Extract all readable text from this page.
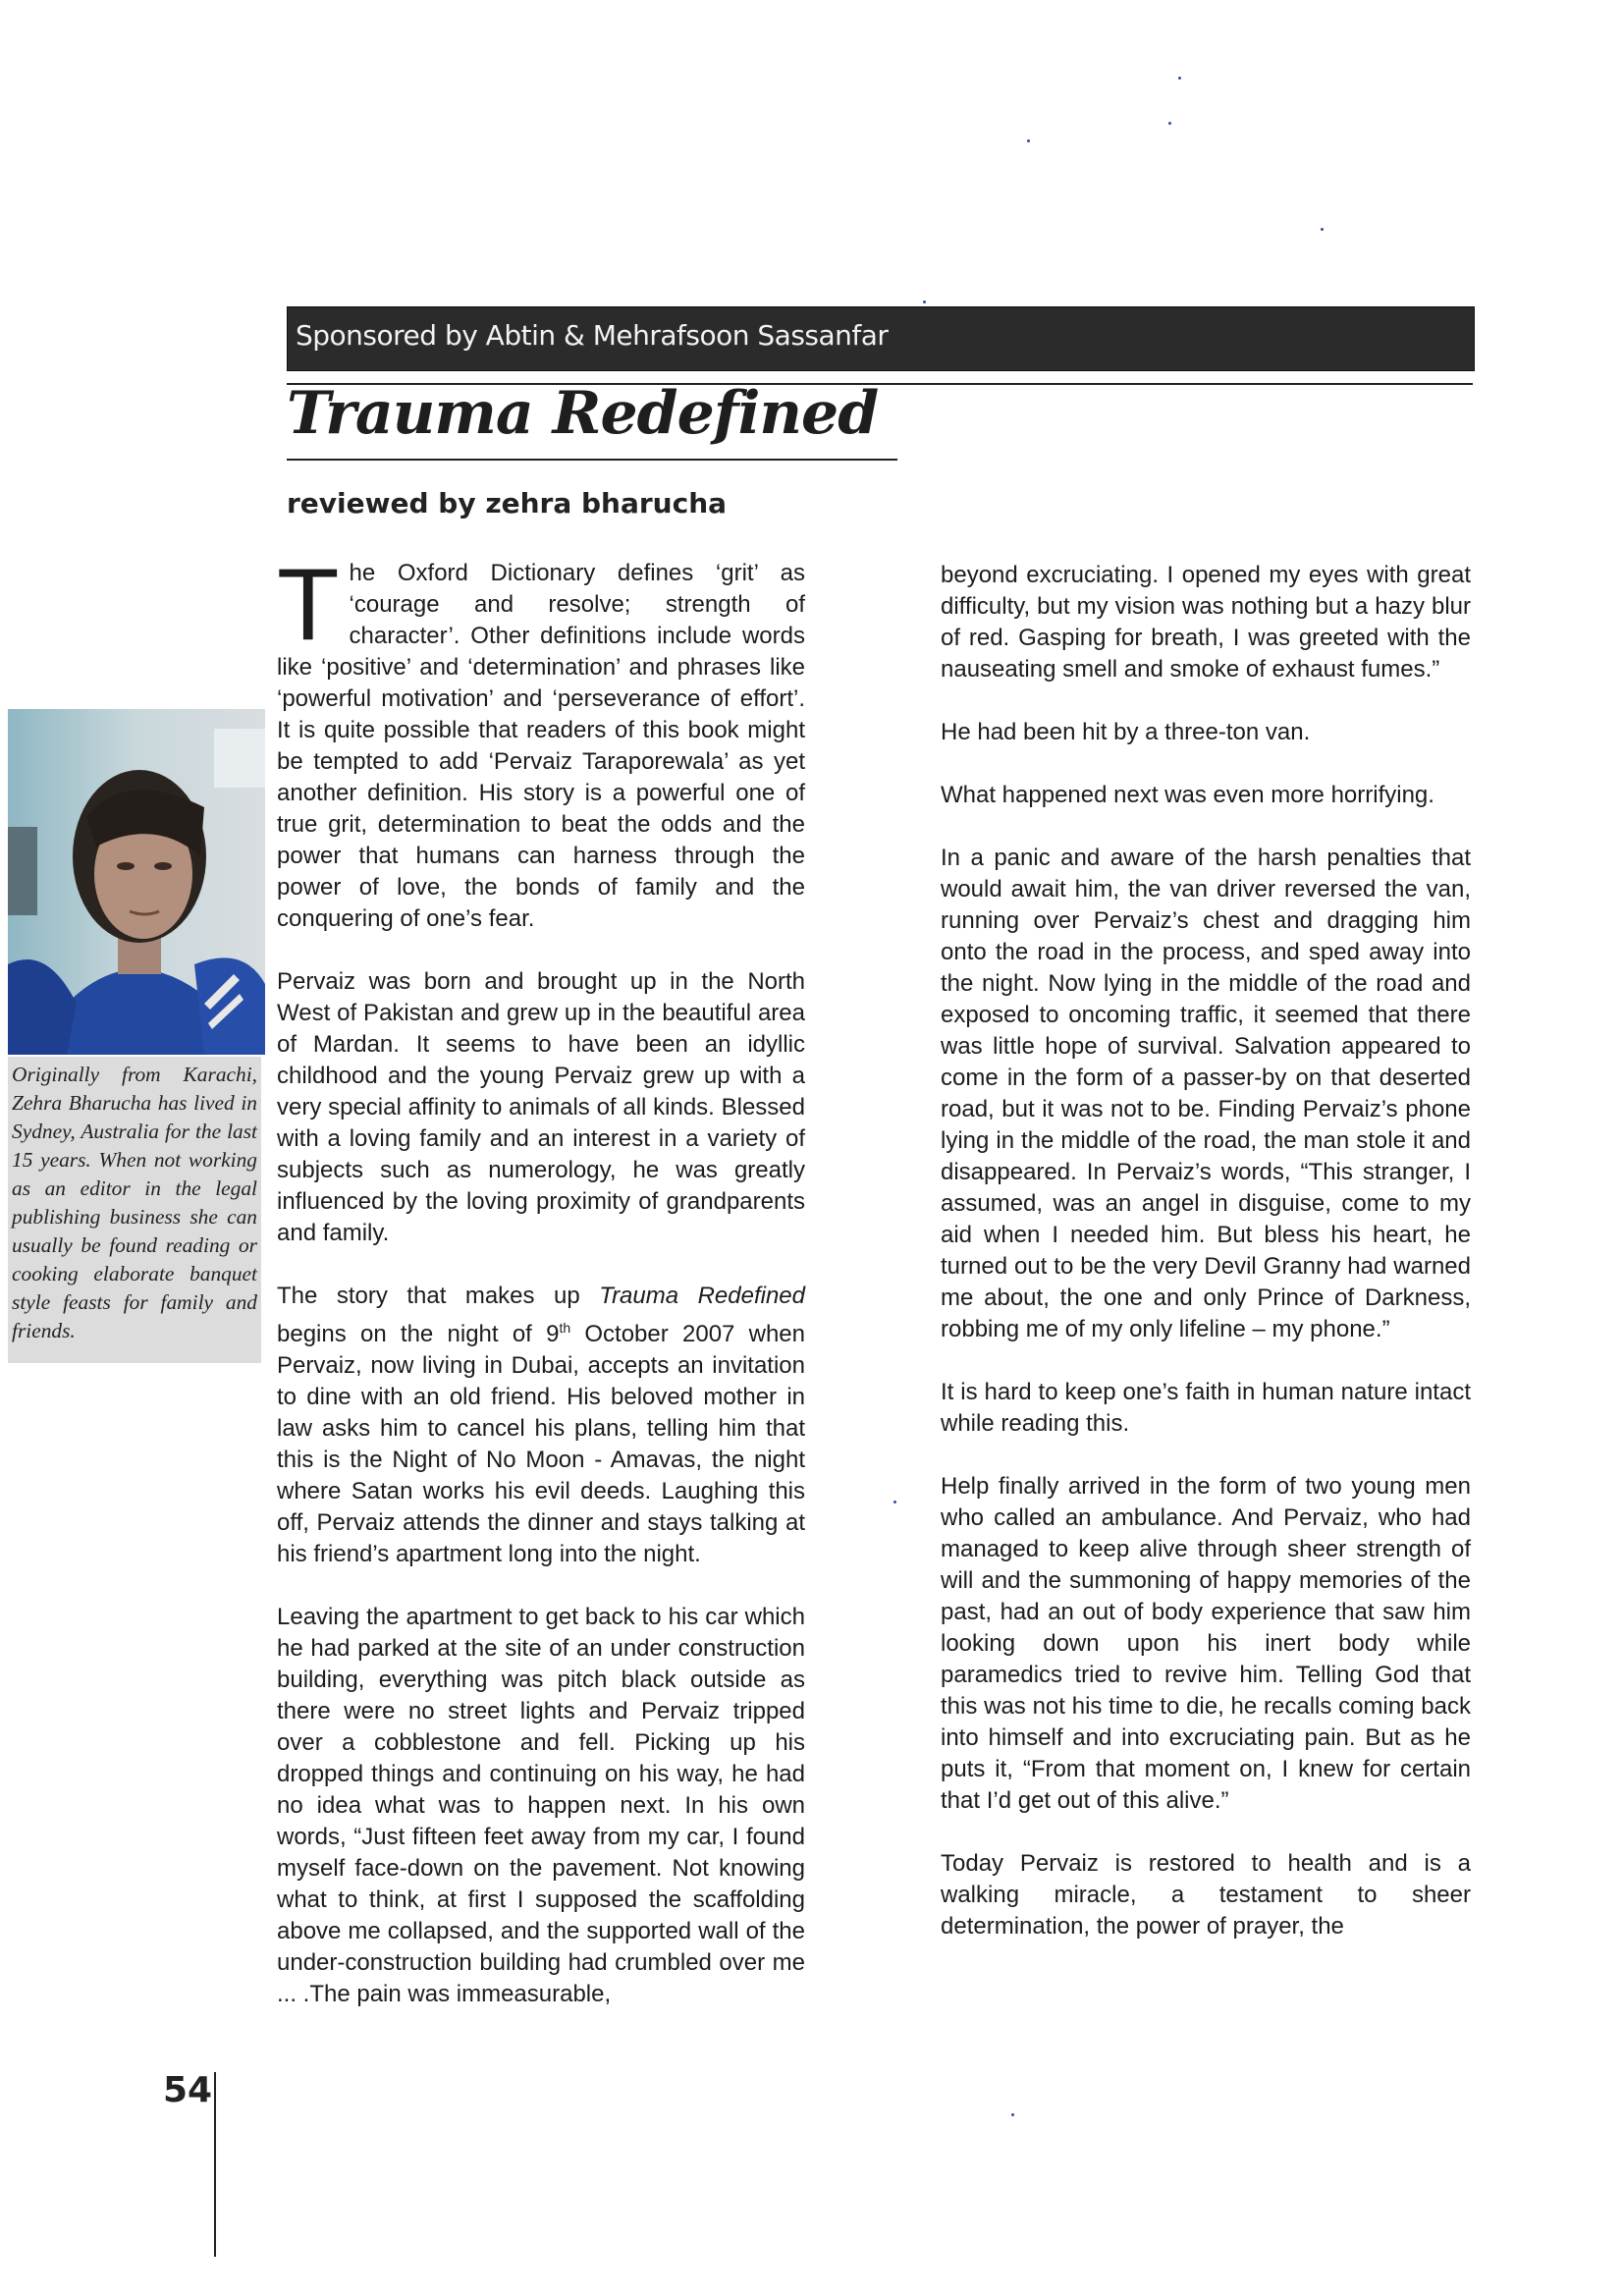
Sponsored by Abtin & Mehrafsoon Sassanfar
Trauma Redefined
reviewed by zehra bharucha

Originally from Karachi, Zehra Bharucha has lived in Sydney, Australia for the last 15 years. When not working as an editor in the legal publishing business she can usually be found reading or cooking elaborate banquet style feasts for family and friends.

The Oxford Dictionary defines ‘grit’ as ‘courage and resolve; strength of character’. Other definitions include words like ‘positive’ and ‘determination’ and phrases like ‘powerful motivation’ and ‘perseverance of effort’. It is quite possible that readers of this book might be tempted to add ‘Pervaiz Taraporewala’ as yet another definition. His story is a powerful one of true grit, determination to beat the odds and the power that humans can harness through the power of love, the bonds of family and the conquering of one’s fear.

Pervaiz was born and brought up in the North West of Pakistan and grew up in the beautiful area of Mardan. It seems to have been an idyllic childhood and the young Pervaiz grew up with a very special affinity to animals of all kinds. Blessed with a loving family and an interest in a variety of subjects such as numerology, he was greatly influenced by the loving proximity of grandparents and family.

The story that makes up Trauma Redefined begins on the night of 9th October 2007 when Pervaiz, now living in Dubai, accepts an invitation to dine with an old friend. His beloved mother in law asks him to cancel his plans, telling him that this is the Night of No Moon - Amavas, the night where Satan works his evil deeds. Laughing this off, Pervaiz attends the dinner and stays talking at his friend’s apartment long into the night.

Leaving the apartment to get back to his car which he had parked at the site of an under construction building, everything was pitch black outside as there were no street lights and Pervaiz tripped over a cobblestone and fell. Picking up his dropped things and continuing on his way, he had no idea what was to happen next. In his own words, “Just fifteen feet away from my car, I found myself face-down on the pavement. Not knowing what to think, at first I supposed the scaffolding above me collapsed, and the supported wall of the under-construction building had crumbled over me ... .The pain was immeasurable,

beyond excruciating. I opened my eyes with great difficulty, but my vision was nothing but a hazy blur of red. Gasping for breath, I was greeted with the nauseating smell and smoke of exhaust fumes.”

He had been hit by a three-ton van.

What happened next was even more horrifying.

In a panic and aware of the harsh penalties that would await him, the van driver reversed the van, running over Pervaiz’s chest and dragging him onto the road in the process, and sped away into the night. Now lying in the middle of the road and exposed to oncoming traffic, it seemed that there was little hope of survival. Salvation appeared to come in the form of a passer-by on that deserted road, but it was not to be. Finding Pervaiz’s phone lying in the middle of the road, the man stole it and disappeared. In Pervaiz’s words, “This stranger, I assumed, was an angel in disguise, come to my aid when I needed him. But bless his heart, he turned out to be the very Devil Granny had warned me about, the one and only Prince of Darkness, robbing me of my only lifeline – my phone.”

It is hard to keep one’s faith in human nature intact while reading this.

Help finally arrived in the form of two young men who called an ambulance. And Pervaiz, who had managed to keep alive through sheer strength of will and the summoning of happy memories of the past, had an out of body experience that saw him looking down upon his inert body while paramedics tried to revive him. Telling God that this was not his time to die, he recalls coming back into himself and into excruciating pain. But as he puts it, “From that moment on, I knew for certain that I’d get out of this alive.”

Today Pervaiz is restored to health and is a walking miracle, a testament to sheer determination, the power of prayer, the

54
